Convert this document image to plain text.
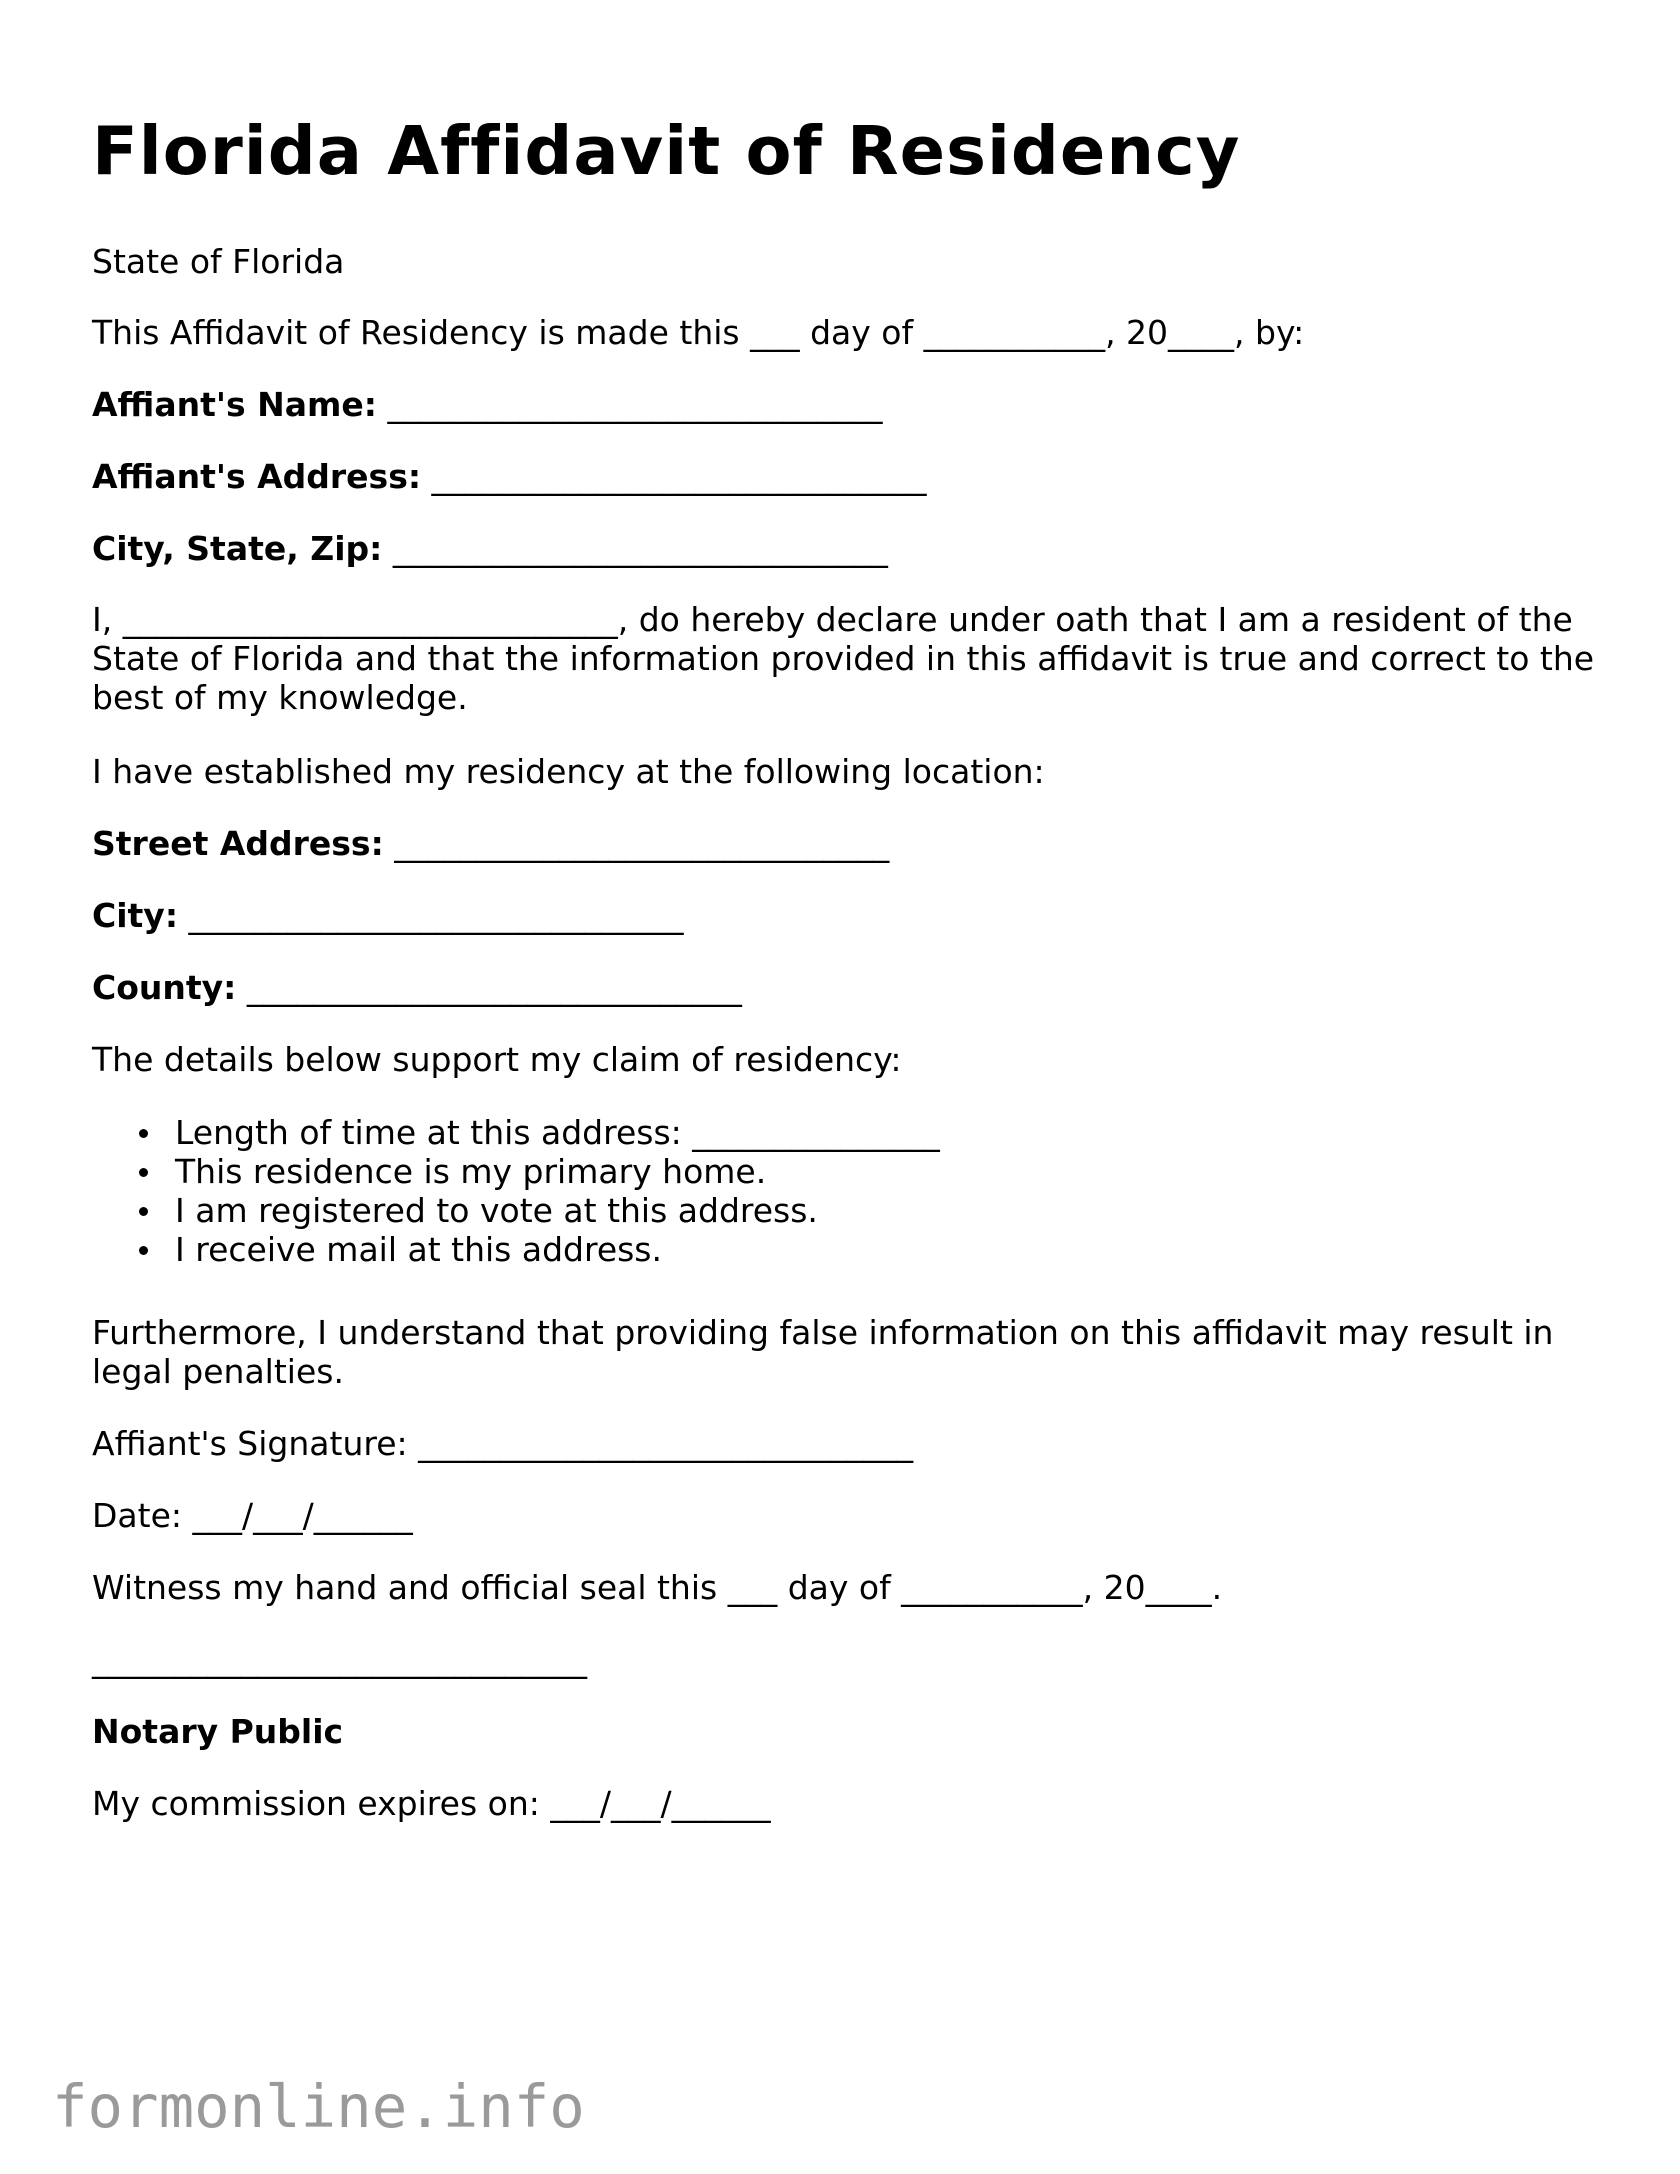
Florida Affidavit of Residency

State of Florida

This Affidavit of Residency is made this ___ day of ___________, 20____, by:

Affiant's Name: ______________________________

Affiant's Address: ______________________________

City, State, Zip: ______________________________

I, ______________________________, do hereby declare under oath that I am a resident of the State of Florida and that the information provided in this affidavit is true and correct to the best of my knowledge.

I have established my residency at the following location:

Street Address: ______________________________

City: ______________________________

County: ______________________________

The details below support my claim of residency:

Length of time at this address: _______________
This residence is my primary home.
I am registered to vote at this address.
I receive mail at this address.

Furthermore, I understand that providing false information on this affidavit may result in legal penalties.

Affiant's Signature: ______________________________

Date: ___/___/______

Witness my hand and official seal this ___ day of ___________, 20____.

______________________________

Notary Public

My commission expires on: ___/___/______

formonline.info
